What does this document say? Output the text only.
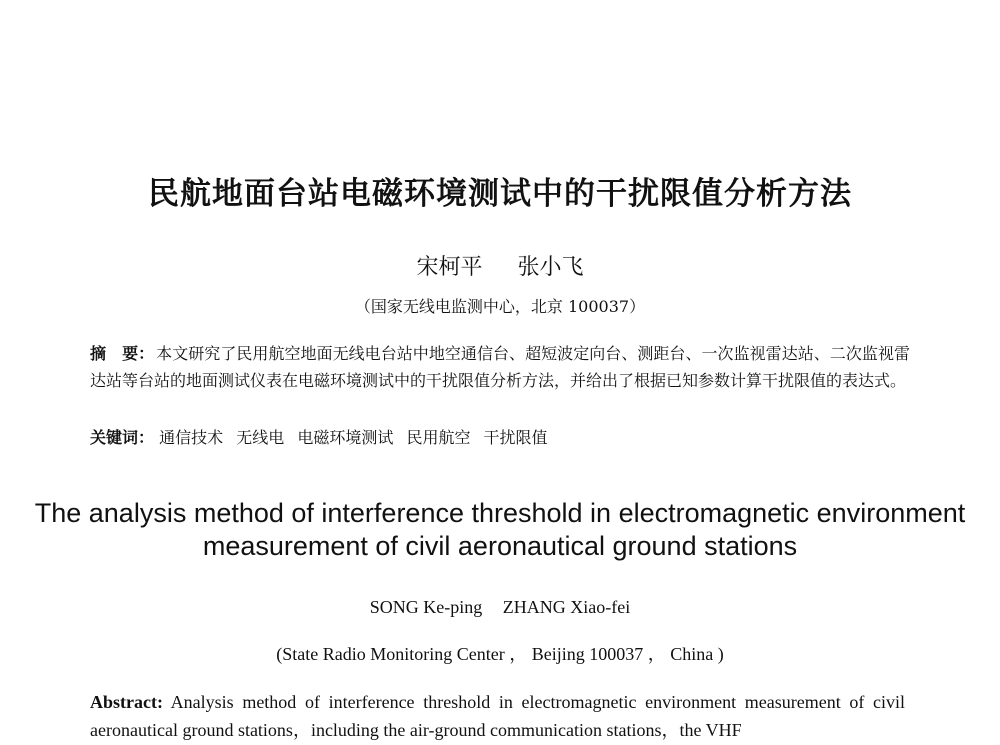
民航地面台站电磁环境测试中的干扰限值分析方法
宋柯平 张小飞
（国家无线电监测中心，北京 100037）
摘　要： 本文研究了民用航空地面无线电台站中地空通信台、超短波定向台、测距台、一次监视雷达站、二次监视雷达站等台站的地面测试仪表在电磁环境测试中的干扰限值分析方法，并给出了根据已知参数计算干扰限值的表达式。
关键词： 通信技术 无线电 电磁环境测试 民用航空 干扰限值
The analysis method of interference threshold in electromagnetic environment measurement of civil aeronautical ground stations
SONG Ke-ping ZHANG Xiao-fei
(State Radio Monitoring Center ， Beijing 100037 ， China )
Abstract: Analysis method of interference threshold in electromagnetic environment measurement of civil aeronautical ground stations，including the air-ground communication stations，the VHF
